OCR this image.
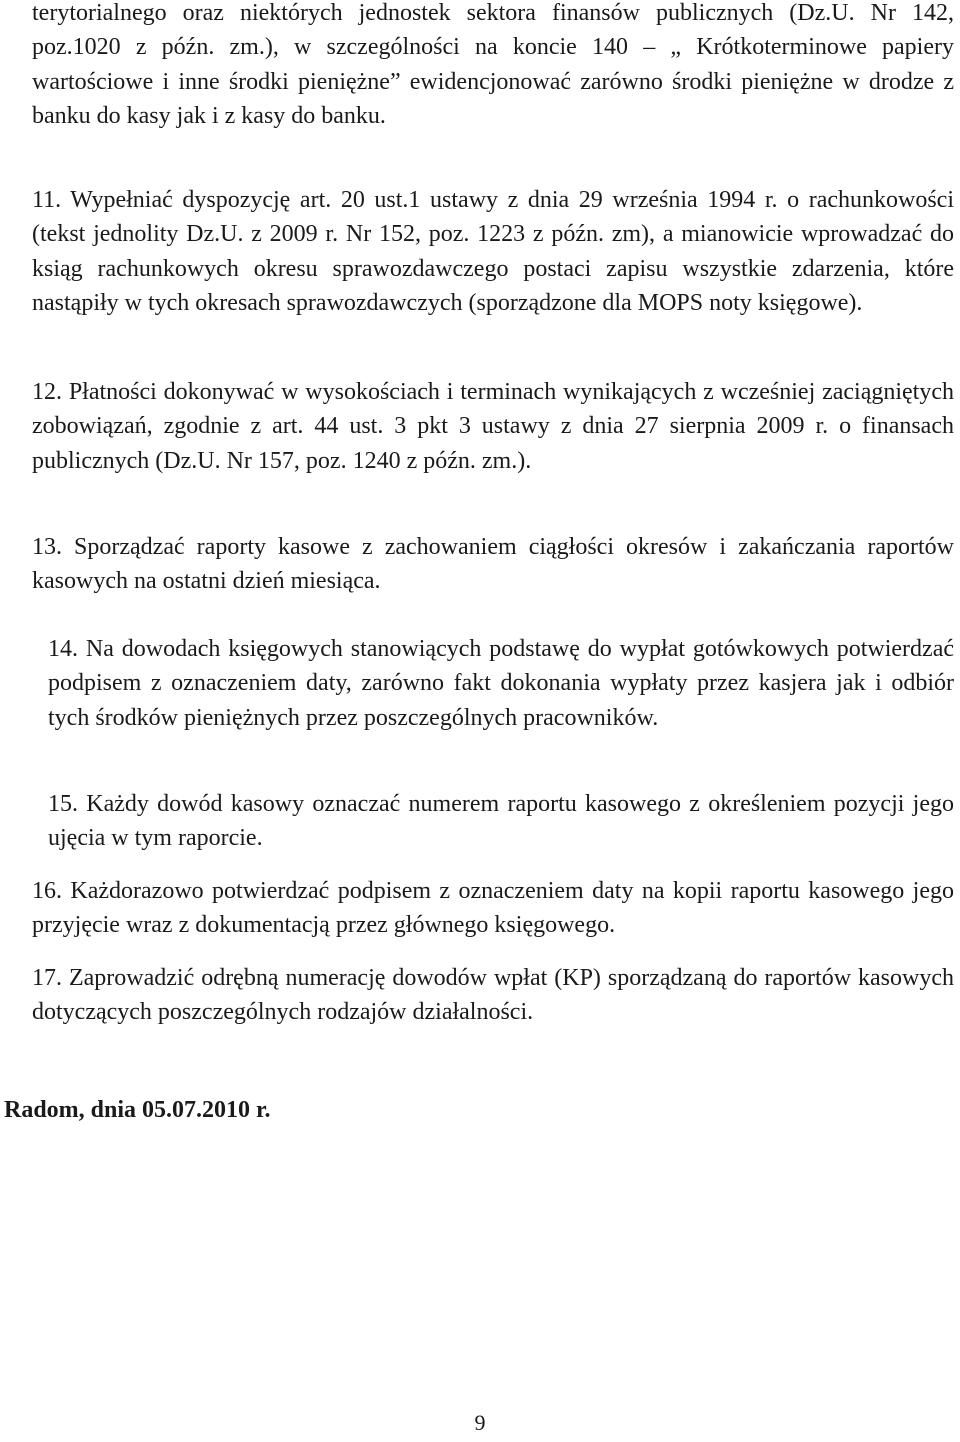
terytorialnego oraz niektórych jednostek sektora finansów publicznych (Dz.U. Nr 142, poz.1020 z późn. zm.), w szczególności na koncie 140 – „ Krótkoterminowe papiery wartościowe i inne środki pieniężne” ewidencjonować zarówno środki pieniężne w drodze z banku do kasy jak i z kasy do banku.

11. Wypełniać dyspozycję art. 20 ust.1 ustawy z dnia 29 września 1994 r. o rachunkowości (tekst jednolity Dz.U. z 2009 r. Nr 152, poz. 1223 z późn. zm), a mianowicie wprowadzać do ksiąg rachunkowych okresu sprawozdawczego postaci zapisu wszystkie zdarzenia, które nastąpiły w tych okresach sprawozdawczych (sporządzone dla MOPS noty księgowe).

12. Płatności dokonywać w wysokościach i terminach wynikających z wcześniej zaciągniętych zobowiązań, zgodnie z art. 44 ust. 3 pkt 3 ustawy z dnia 27 sierpnia 2009 r. o finansach publicznych (Dz.U. Nr 157, poz. 1240 z późn. zm.).

13. Sporządzać raporty kasowe z zachowaniem ciągłości okresów i zakańczania raportów kasowych na ostatni dzień miesiąca.

14. Na dowodach księgowych stanowiących podstawę do wypłat gotówkowych potwierdzać podpisem z oznaczeniem daty, zarówno fakt dokonania wypłaty przez kasjera jak i odbiór tych środków pieniężnych przez poszczególnych pracowników.

15. Każdy dowód kasowy oznaczać numerem raportu kasowego z określeniem pozycji jego ujęcia w tym raporcie.

16. Każdorazowo potwierdzać podpisem z oznaczeniem daty na kopii raportu kasowego jego przyjęcie wraz z dokumentacją przez głównego księgowego.

17. Zaprowadzić odrębną numerację dowodów wpłat (KP) sporządzaną do raportów kasowych dotyczących poszczególnych rodzajów działalności.

Radom, dnia 05.07.2010 r.

9
